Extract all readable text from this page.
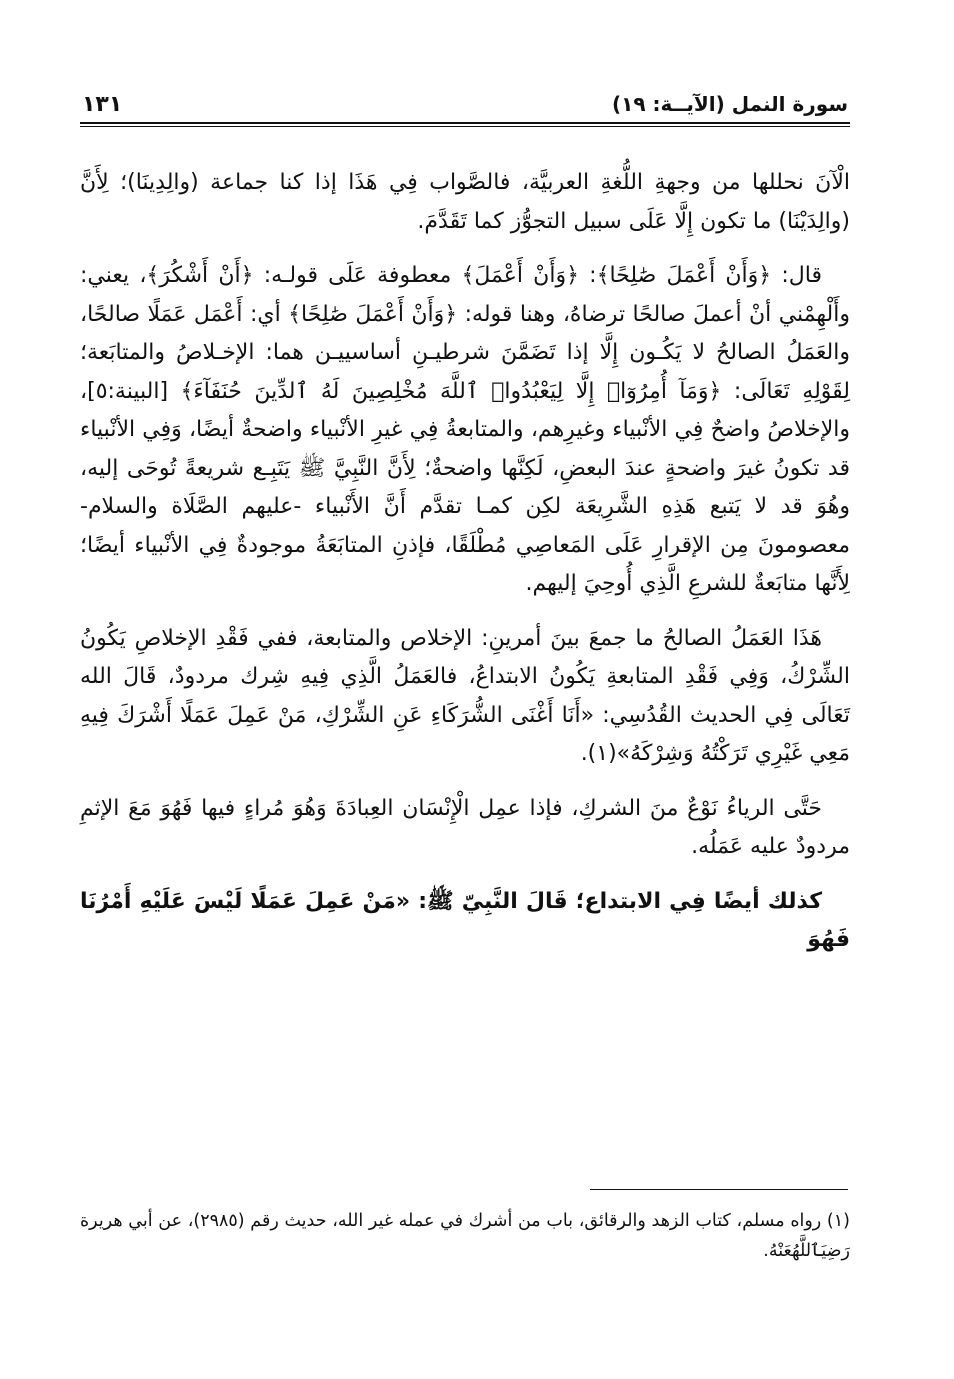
سورة النمل (الآيــة: ١٩)
١٣١

الْآنَ نحللها من وجهةِ اللُّغةِ العربيَّة، فالصَّواب فِي هَذَا إذا كنا جماعة (والِدِينَا)؛ لِأَنَّ (والِدَيْنَا) ما تكون إِلَّا عَلَى سبيل التجوُّز كما تَقَدَّمَ.

قال: ﴿وَأَنْ أَعْمَلَ صَٰلِحًا﴾: ﴿وَأَنْ أَعْمَلَ﴾ معطوفة عَلَى قولـه: ﴿أَنْ أَشْكُرَ﴾، يعني: وأَلْهِمْني أنْ أعملَ صالحًا ترضاهُ، وهنا قوله: ﴿وَأَنْ أَعْمَلَ صَٰلِحًا﴾ أي: أَعْمَل عَمَلًا صالحًا، والعَمَلُ الصالحُ لا يَكُـون إِلَّا إذا تَضَمَّنَ شرطيـنِ أساسييـن هما: الإخـلاصُ والمتابَعة؛ لِقَوْلِهِ تَعَالَى: ﴿وَمَآ أُمِرُوٓا۟ إِلَّا لِيَعْبُدُوا۟ ٱللَّهَ مُخْلِصِينَ لَهُ ٱلدِّينَ حُنَفَآءَ﴾ [البينة:٥]، والإخلاصُ واضحٌ فِي الأنْبياء وغيرِهم، والمتابعةُ فِي غيرِ الأنْبياء واضحةٌ أيضًا، وَفِي الأنْبياء قد تكونُ غيرَ واضحةٍ عندَ البعضِ، لَكِنَّها واضحةٌ؛ لِأَنَّ النَّبِيَّ ﷺ يَتَبِـع شريعةً تُوحَى إليه، وهُوَ قد لا يَتبع هَذِهِ الشَّرِيعَة لكِن كمـا تقدَّم أَنَّ الأَنْبياء -عليهم الصَّلَاة والسلام- معصومونَ مِن الإقرارِ عَلَى المَعاصِي مُطْلَقًا، فإذنِ المتابَعَةُ موجودةٌ فِي الأنْبياء أيضًا؛ لِأَنَّها متابَعةٌ للشرعِ الَّذِي أُوحِيَ إليهم.

هَذَا العَمَلُ الصالحُ ما جمعَ بينَ أمرينِ: الإخلاص والمتابعة، ففي فَقْدِ الإخلاصِ يَكُونُ الشِّرْكُ، وَفِي فَقْدِ المتابعةِ يَكُونُ الابتداعُ، فالعَمَلُ الَّذِي فِيهِ شِرك مردودٌ، قَالَ الله تَعَالَى فِي الحديث القُدُسِي: «أَنَا أَغْنَى الشُّرَكَاءِ عَنِ الشِّرْكِ، مَنْ عَمِلَ عَمَلًا أَشْرَكَ فِيهِ مَعِي غَيْرِي تَرَكْتُهُ وَشِرْكَهُ»(١).

حَتَّى الرياءُ نَوْعٌ منَ الشركِ، فإذا عمِل الْإِنْسَان العِبادَةَ وَهُوَ مُراءٍ فيها فَهُوَ مَعَ الإثمِ مردودٌ عليه عَمَلُه.

كذلك أيضًا فِي الابتداع؛ قَالَ النَّبِيّ ﷺ: «مَنْ عَمِلَ عَمَلًا لَيْسَ عَلَيْهِ أَمْرُنَا فَهُوَ

(١) رواه مسلم، كتاب الزهد والرقائق، باب من أشرك في عمله غير الله، حديث رقم (٢٩٨٥)، عن أبي هريرة رَضِيَٱللَّهُعَنْهُ.
